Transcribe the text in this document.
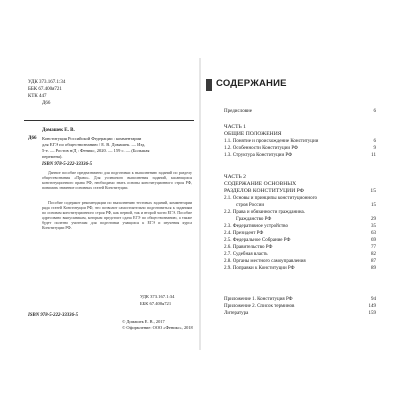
УДК 373.167.1:34
ББК 67.400я721
КТК 447
Д66
Домашек Е. В.
Д66 Конституция Российской Федерации : комментарии
для ЕГЭ по обществознанию / Е. В. Домашек. — Изд.
5-е. — Ростов н/Д : Феникс, 2020. — 159 с. — (Большая
перемена).
ISBN 978-5-222-33336-5
Данное пособие предназначено для подготовки к выполнению заданий по разделу обществознания «Право». Для успешного выполнения заданий, касающихся конституционного права РФ, необходимо знать основы конституционного строя РФ, понимать значение основных статей Конституции.
Пособие содержит рекомендации по выполнению тестовых заданий, комментарии ряда статей Конституции РФ, что позволит самостоятельно подготовиться к заданиям по основам конституционного строя РФ, как первой, так и второй части ЕГЭ. Пособие адресовано выпускникам, которым предстоит сдача ЕГЭ по обществознанию, а также будет полезно учителям для подготовки учащихся к ЕГЭ и изучения курса Конституции РФ.
УДК 373.167.1:34
ББК 67.400я721
ISBN 978-5-222-33336-5
© Домашек Е. В., 2017
© Оформление: ООО «Феникс», 2018
СОДЕРЖАНИЕ
Предисловие	6
ЧАСТЬ 1
ОБЩИЕ ПОЛОЖЕНИЯ
1.1. Понятие и происхождение Конституции	6
1.2. Особенности Конституции РФ	9
1.3. Структура Конституции РФ	11
ЧАСТЬ 2
СОДЕРЖАНИЕ ОСНОВНЫХ
РАЗДЕЛОВ КОНСТИТУЦИИ РФ	15
2.1. Основы и принципы конституционного
строя России	15
2.2. Права и обязанности гражданина.
Гражданство РФ	29
2.3. Федеративное устройство	35
2.4. Президент РФ	63
2.5. Федеральное Собрание РФ	69
2.6. Правительство РФ	77
2.7. Судебная власть	82
2.8. Органы местного самоуправления	87
2.9. Поправки к Конституции РФ	89
Приложение 1. Конституция РФ	94
Приложение 2. Список терминов	149
Литература	159
